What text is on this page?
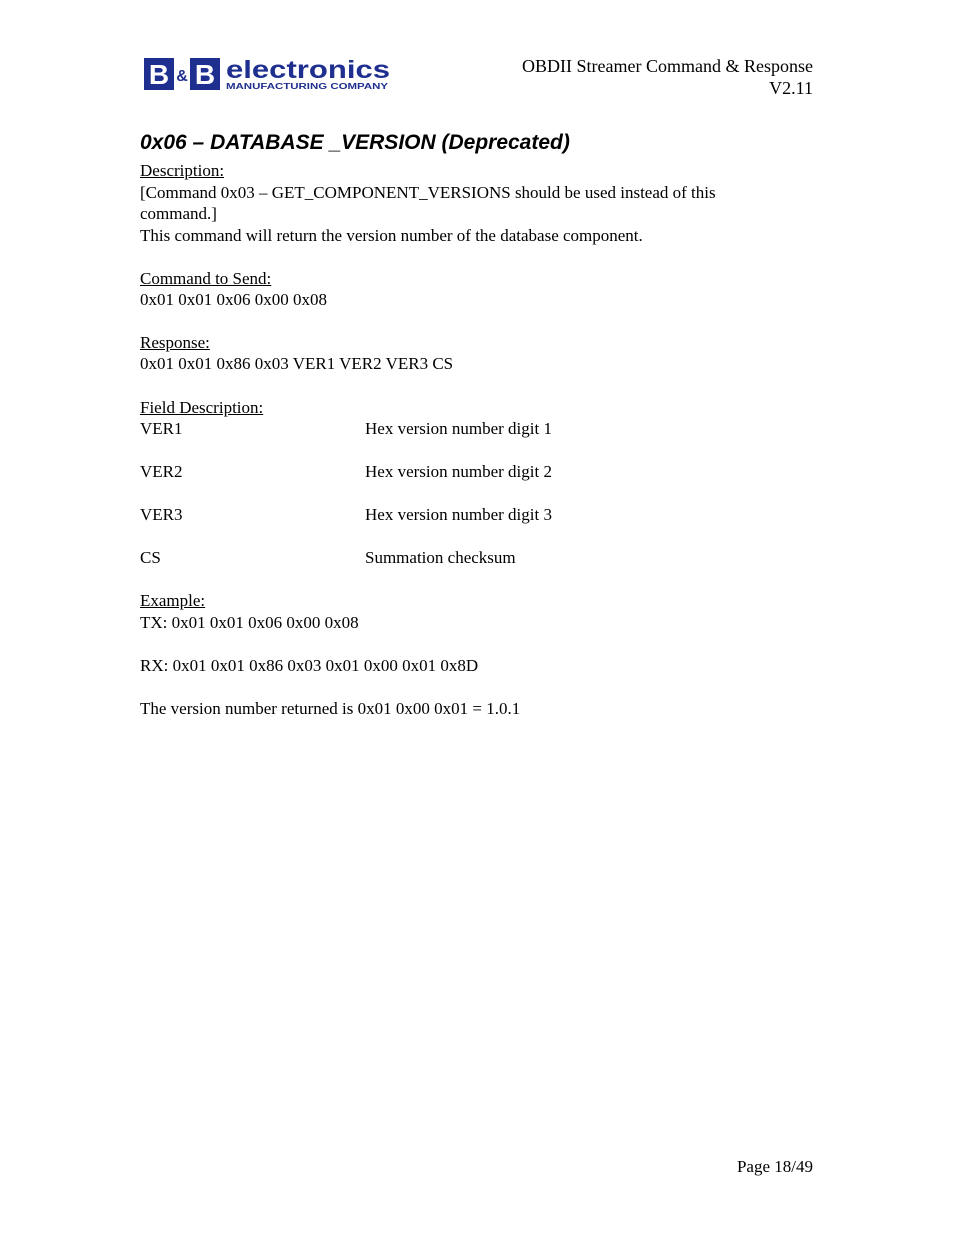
B & B electronics
MANUFACTURING COMPANY
OBDII Streamer Command & Response
V2.11
0x06 – DATABASE _VERSION (Deprecated)
Description:
[Command 0x03 – GET_COMPONENT_VERSIONS should be used instead of this
command.]
This command will return the version number of the database component.
Command to Send:
0x01 0x01 0x06 0x00 0x08
Response:
0x01 0x01 0x86 0x03 VER1 VER2 VER3 CS
Field Description:
VER1	Hex version number digit 1
VER2	Hex version number digit 2
VER3	Hex version number digit 3
CS	Summation checksum
Example:
TX: 0x01 0x01 0x06 0x00 0x08
RX: 0x01 0x01 0x86 0x03 0x01 0x00 0x01 0x8D
The version number returned is 0x01 0x00 0x01 = 1.0.1
Page 18/49
